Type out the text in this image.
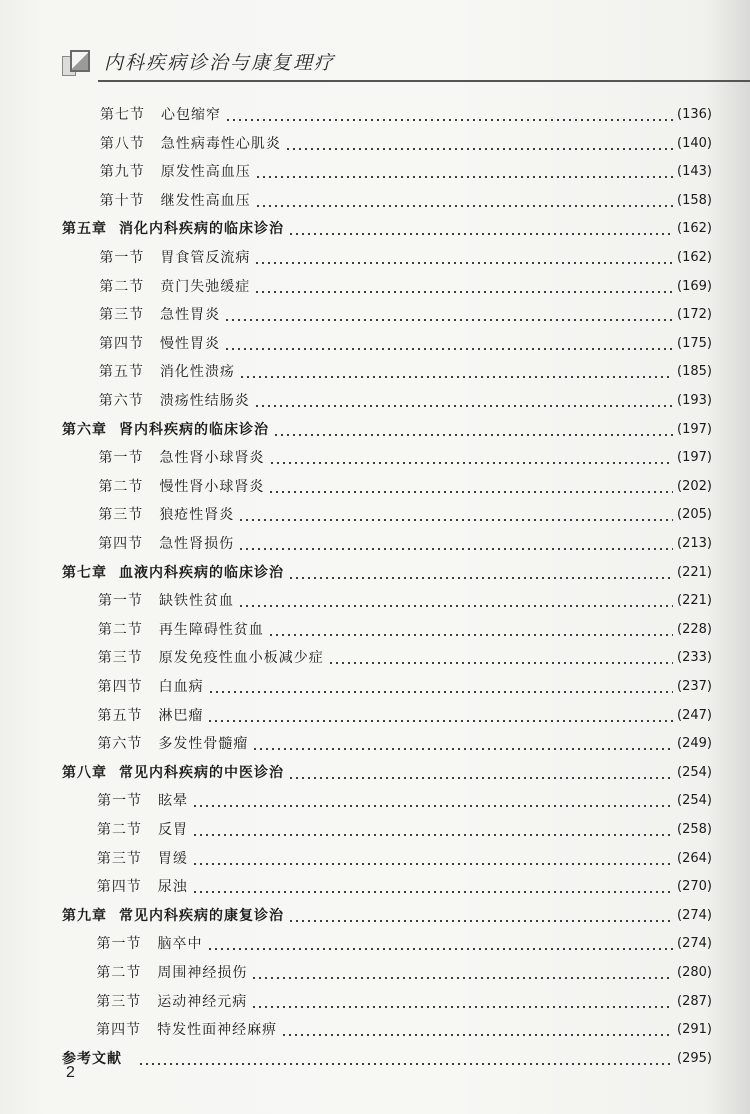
内科疾病诊治与康复理疗
第七节 心包缩窄	(136)
第八节 急性病毒性心肌炎	(140)
第九节 原发性高血压	(143)
第十节 继发性高血压	(158)
第五章 消化内科疾病的临床诊治	(162)
第一节 胃食管反流病	(162)
第二节 贲门失弛缓症	(169)
第三节 急性胃炎	(172)
第四节 慢性胃炎	(175)
第五节 消化性溃疡	(185)
第六节 溃疡性结肠炎	(193)
第六章 肾内科疾病的临床诊治	(197)
第一节 急性肾小球肾炎	(197)
第二节 慢性肾小球肾炎	(202)
第三节 狼疮性肾炎	(205)
第四节 急性肾损伤	(213)
第七章 血液内科疾病的临床诊治	(221)
第一节 缺铁性贫血	(221)
第二节 再生障碍性贫血	(228)
第三节 原发免疫性血小板减少症	(233)
第四节 白血病	(237)
第五节 淋巴瘤	(247)
第六节 多发性骨髓瘤	(249)
第八章 常见内科疾病的中医诊治	(254)
第一节 眩晕	(254)
第二节 反胃	(258)
第三节 胃缓	(264)
第四节 尿浊	(270)
第九章 常见内科疾病的康复诊治	(274)
第一节 脑卒中	(274)
第二节 周围神经损伤	(280)
第三节 运动神经元病	(287)
第四节 特发性面神经麻痹	(291)
参考文献	(295)
2
